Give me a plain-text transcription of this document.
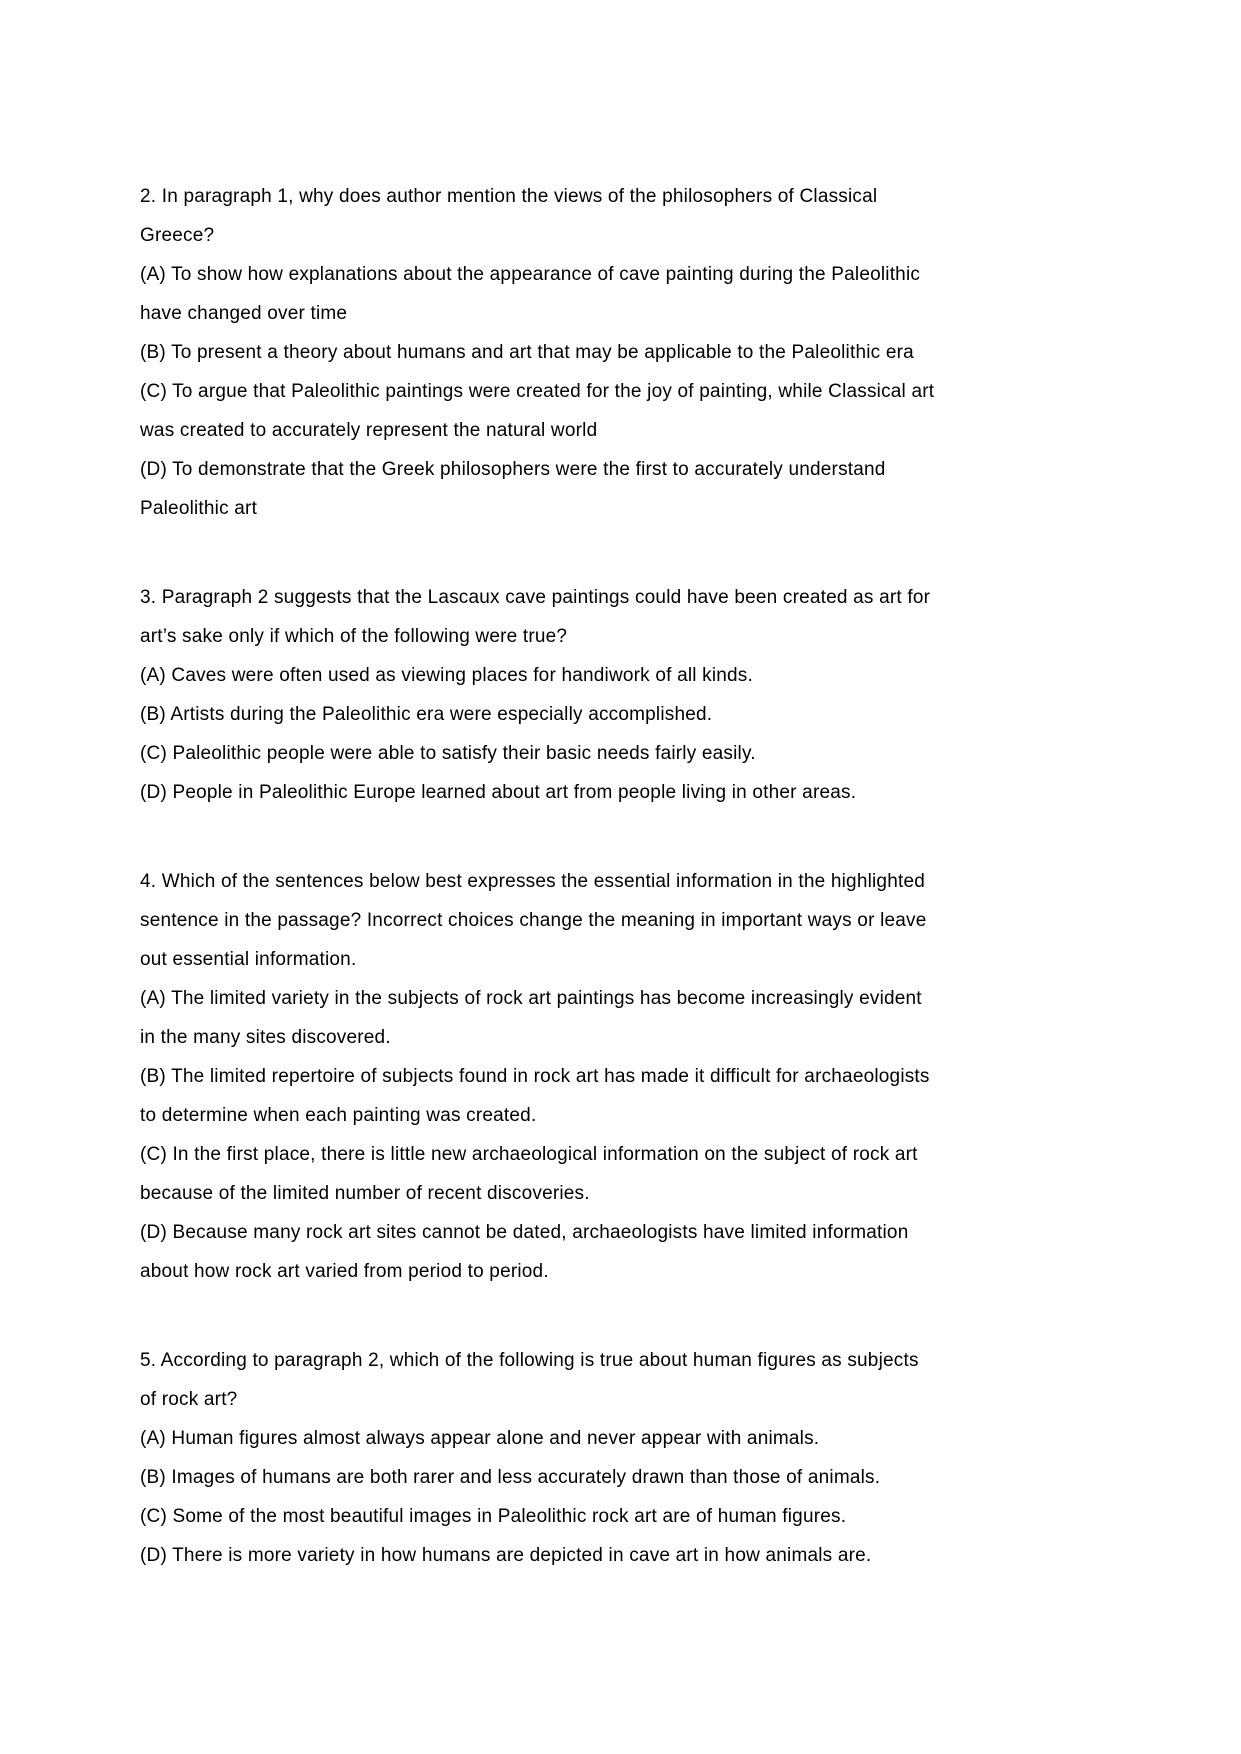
2. In paragraph 1, why does author mention the views of the philosophers of Classical
Greece?
(A) To show how explanations about the appearance of cave painting during the Paleolithic
have changed over time
(B) To present a theory about humans and art that may be applicable to the Paleolithic era
(C) To argue that Paleolithic paintings were created for the joy of painting, while Classical art
was created to accurately represent the natural world
(D) To demonstrate that the Greek philosophers were the first to accurately understand
Paleolithic art
3. Paragraph 2 suggests that the Lascaux cave paintings could have been created as art for
art’s sake only if which of the following were true?
(A) Caves were often used as viewing places for handiwork of all kinds.
(B) Artists during the Paleolithic era were especially accomplished.
(C) Paleolithic people were able to satisfy their basic needs fairly easily.
(D) People in Paleolithic Europe learned about art from people living in other areas.
4. Which of the sentences below best expresses the essential information in the highlighted
sentence in the passage? Incorrect choices change the meaning in important ways or leave
out essential information.
(A) The limited variety in the subjects of rock art paintings has become increasingly evident
in the many sites discovered.
(B) The limited repertoire of subjects found in rock art has made it difficult for archaeologists
to determine when each painting was created.
(C) In the first place, there is little new archaeological information on the subject of rock art
because of the limited number of recent discoveries.
(D) Because many rock art sites cannot be dated, archaeologists have limited information
about how rock art varied from period to period.
5. According to paragraph 2, which of the following is true about human figures as subjects
of rock art?
(A) Human figures almost always appear alone and never appear with animals.
(B) Images of humans are both rarer and less accurately drawn than those of animals.
(C) Some of the most beautiful images in Paleolithic rock art are of human figures.
(D) There is more variety in how humans are depicted in cave art in how animals are.
